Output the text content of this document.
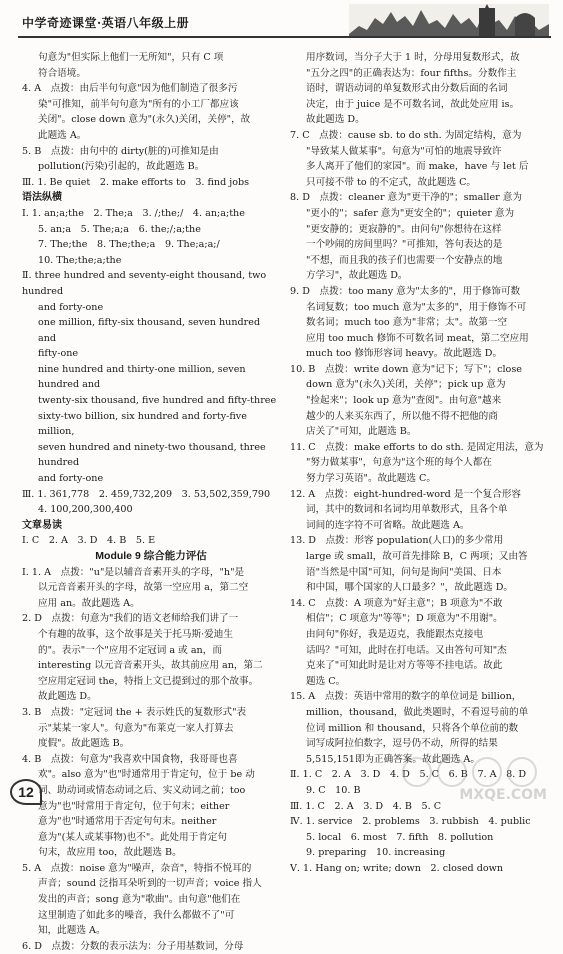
中学奇迹课堂·英语八年级上册
句意为"但实际上他们一无所知"，只有 C 项
符合语境。
4. A　点拨：由后半句句意"因为他们制造了很多污
染"可推知，前半句句意为"所有的小工厂都应该
关闭"。close down 意为"(永久)关闭，关停"，故
此题选 A。
5. B　点拨：由句中的 dirty(脏的)可推知是由
pollution(污染)引起的，故此题选 B。
Ⅲ. 1. Be quiet　2. make efforts to　3. find jobs
语法纵横
Ⅰ. 1. an;a;the　2. The;a　3. /;the;/　4. an;a;the
5. an;a　5. The;a;a　6. the;/;a;the
7. The;the　8. The;the;a　9. The;a;a;/
10. The;the;a;the
Ⅱ. three hundred and seventy-eight thousand, two hundred
and forty-one
one million, fifty-six thousand, seven hundred and
fifty-one
nine hundred and thirty-one million, seven hundred and
twenty-six thousand, five hundred and fifty-three
sixty-two billion, six hundred and forty-five million,
seven hundred and ninety-two thousand, three hundred
and forty-one
Ⅲ. 1. 361,778　2. 459,732,209　3. 53,502,359,790
4. 100,200,300,400
文章易读
Ⅰ. C　2. A　3. D　4. B　5. E
Module 9 综合能力评估
Ⅰ. 1. A　点拨："u"是以辅音音素开头的字母，"h"是
以元音音素开头的字母，故第一空应用 a，第二空
应用 an。故此题选 A。
2. D　点拨：句意为"我们的语文老师给我们讲了一
个有趣的故事，这个故事是关于托马斯·爱迪生
的"。表示"一个"应用不定冠词 a 或 an，而
interesting 以元音音素开头，故其前应用 an，第二
空应用定冠词 the，特指上文已提到过的那个故事。
故此题选 D。
3. B　点拨："定冠词 the + 表示姓氏的复数形式"表
示"某某一家人"。句意为"布莱克一家人打算去
度假"。故此题选 B。
4. B　点拨：句意为"我喜欢中国食物，我哥哥也喜
欢"。also 意为"也"时通常用于肯定句，位于 be 动
词、助动词或情态动词之后、实义动词之前；too
意为"也"时常用于肯定句，位于句末；either
意为"也"时通常用于否定句句末。neither
意为"(某人或某事物)也不"。此处用于肯定句
句末，故应用 too，故此题选 B。
5. A　点拨：noise 意为"噪声，杂音"，特指不悦耳的
声音；sound 泛指耳朵听到的一切声音；voice 指人
发出的声音；song 意为"歌曲"。由句意"他们在
这里制造了如此多的噪音，我什么都做不了"可
知，此题选 A。
6. D　点拨：分数的表示法为：分子用基数词，分母
用序数词，当分子大于 1 时，分母用复数形式，故
"五分之四"的正确表达为：four fifths。分数作主
语时，谓语动词的单复数形式由分数后面的名词
决定，由于 juice 是不可数名词，故此处应用 is。
故此题选 D。
7. C　点拨：cause sb. to do sth. 为固定结构，意为
"导致某人做某事"。句意为"可怕的地震导致许
多人离开了他们的家园"。而 make，have 与 let 后
只可接不带 to 的不定式，故此题选 C。
8. D　点拨：cleaner 意为"更干净的"；smaller 意为
"更小的"；safer 意为"更安全的"；quieter 意为
"更安静的；更寂静的"。由问句"你想待在这样
一个吵闹的房间里吗？"可推知，答句表达的是
"不想，而且我的孩子们也需要一个安静点的地
方学习"，故此题选 D。
9. D　点拨：too many 意为"太多的"，用于修饰可数
名词复数；too much 意为"太多的"，用于修饰不可
数名词；much too 意为"非常；太"。故第一空
应用 too much 修饰不可数名词 meat，第二空应用
much too 修饰形容词 heavy。故此题选 D。
10. B　点拨：write down 意为"记下；写下"；close
down 意为"(永久)关闭，关停"；pick up 意为
"捡起来"；look up 意为"查阅"。由句意"越来
越少的人来买东西了，所以他不得不把他的商
店关了"可知，此题选 B。
11. C　点拨：make efforts to do sth. 是固定用法，意为
"努力做某事"，句意为"这个班的每个人都在
努力学习英语"。故此题选 C。
12. A　点拨：eight-hundred-word 是一个复合形容
词，其中的数词和名词均用单数形式，且各个单
词间的连字符不可省略。故此题选 A。
13. D　点拨：形容 population(人口)的多少常用
large 或 small，故可首先排除 B，C 两项；又由答
语"当然是中国"可知，问句是询问"美国、日本
和中国，哪个国家的人口最多？"，故此题选 D。
14. C　点拨：A 项意为"好主意"；B 项意为"不敢
相信"；C 项意为"等等"；D 项意为"不用谢"。
由问句"你好，我是迈克，我能跟杰克接电
话吗？"可知，此时在打电话。又由答句可知"杰
克来了"可知此时是让对方等等不挂电话。故此
题选 C。
15. A　点拨：英语中常用的数字的单位词是 billion，
million，thousand，做此类题时，不看逗号前的单
位词 million 和 thousand，只将各个单位前的数
词写成阿拉伯数字，逗号仍不动，所得的结果
5,515,151即为正确答案。故此题选 A。
Ⅱ. 1. C　2. A　3. D　4. D　5. C　6. B　7. A　8. D
9. C　10. B
Ⅲ. 1. C　2. A　3. D　4. B　5. C
Ⅳ. 1. service　2. problems　3. rubbish　4. public
5. local　6. most　7. fifth　8. pollution
9. preparing　10. increasing
Ⅴ. 1. Hang on; write; down　2. closed down
12	MXQE.COM
